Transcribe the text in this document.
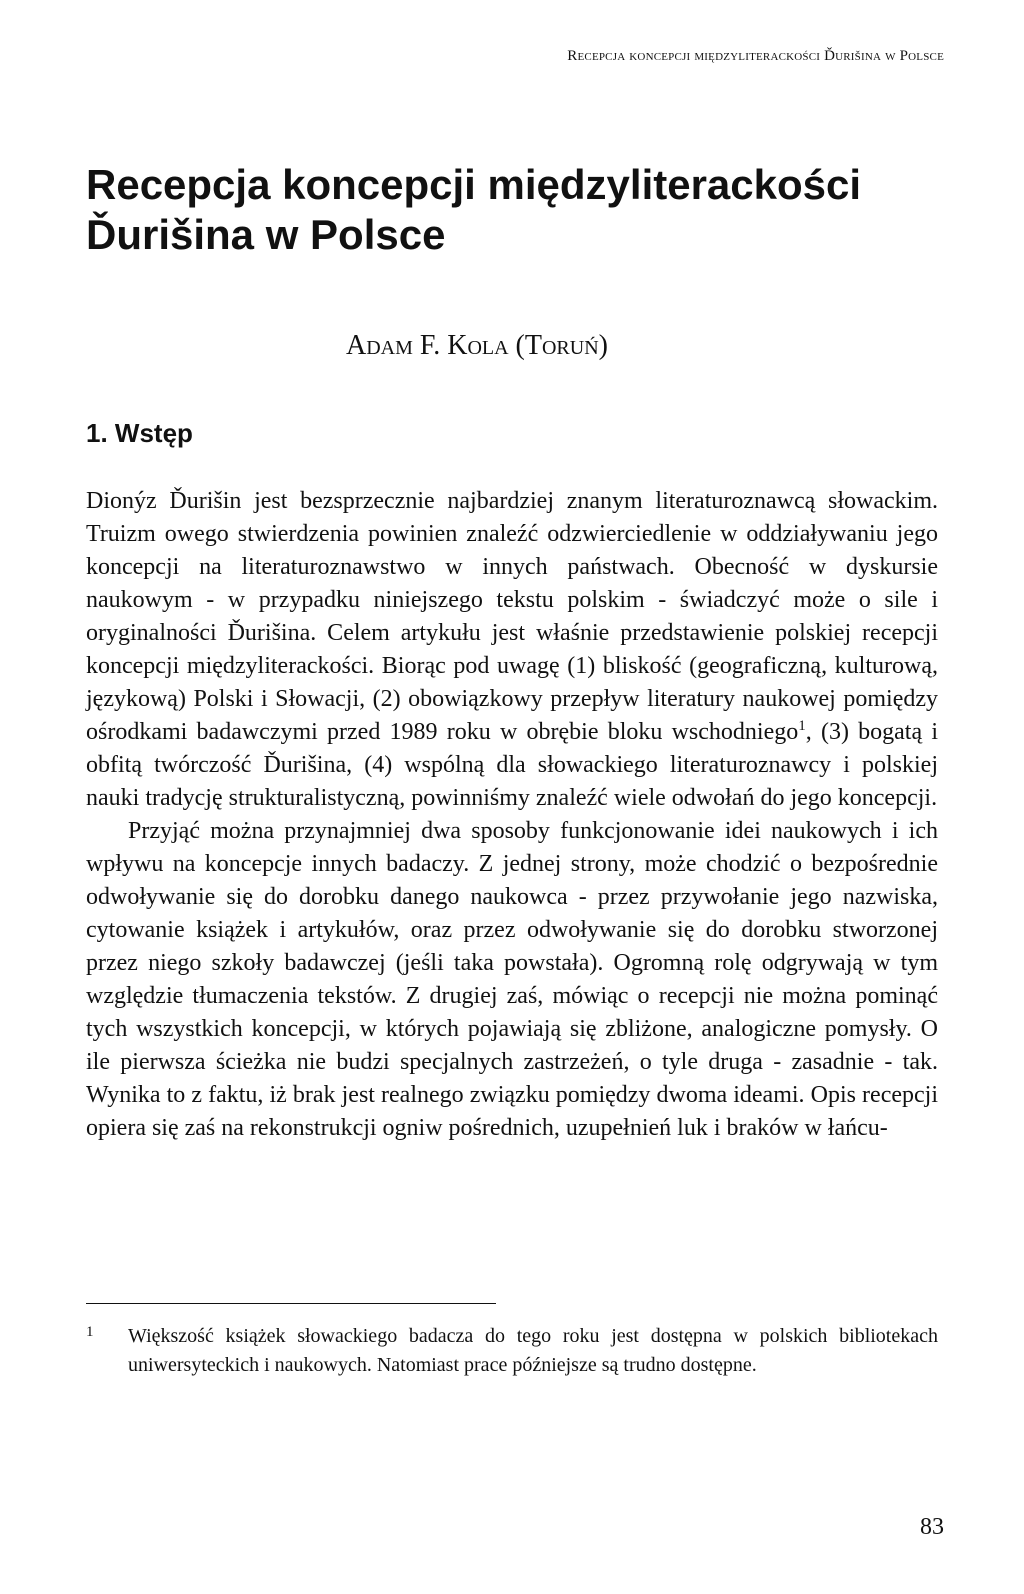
Recepcja koncepcji międzyliterackości Ďurišina w Polsce
Recepcja koncepcji międzyliterackości
Ďurišina w Polsce
Adam F. Kola (Toruń)
1. Wstęp

Dionýz Ďurišin jest bezsprzecznie najbardziej znanym literaturoznawcą słowackim. Truizm owego stwierdzenia powinien znaleźć odzwierciedlenie w oddziaływaniu jego koncepcji na literaturoznawstwo w innych państwach. Obecność w dyskursie naukowym - w przypadku niniejszego tekstu polskim - świadczyć może o sile i oryginalności Ďurišina. Celem artykułu jest właśnie przedstawienie polskiej recepcji koncepcji międzyliterackości. Biorąc pod uwagę (1) bliskość (geograficzną, kulturową, językową) Polski i Słowacji, (2) obowiązkowy przepływ literatury naukowej pomiędzy ośrodkami badawczymi przed 1989 roku w obrębie bloku wschodniego$^1$, (3) bogatą i obfitą twórczość Ďurišina, (4) wspólną dla słowackiego literaturoznawcy i polskiej nauki tradycję strukturalistyczną, powinniśmy znaleźć wiele odwołań do jego koncepcji.

Przyjąć można przynajmniej dwa sposoby funkcjonowanie idei naukowych i ich wpływu na koncepcje innych badaczy. Z jednej strony, może chodzić o bezpośrednie odwoływanie się do dorobku danego naukowca - przez przywołanie jego nazwiska, cytowanie książek i artykułów, oraz przez odwoływanie się do dorobku stworzonej przez niego szkoły badawczej (jeśli taka powstała). Ogromną rolę odgrywają w tym względzie tłumaczenia tekstów. Z drugiej zaś, mówiąc o recepcji nie można pominąć tych wszystkich koncepcji, w których pojawiają się zbliżone, analogiczne pomysły. O ile pierwsza ścieżka nie budzi specjalnych zastrzeżeń, o tyle druga - zasadnie - tak. Wynika to z faktu, iż brak jest realnego związku pomiędzy dwoma ideami. Opis recepcji opiera się zaś na rekonstrukcji ogniw pośrednich, uzupełnień luk i braków w łańcu-

1 Większość książek słowackiego badacza do tego roku jest dostępna w polskich bibliotekach uniwersyteckich i naukowych. Natomiast prace późniejsze są trudno dostępne.
83
